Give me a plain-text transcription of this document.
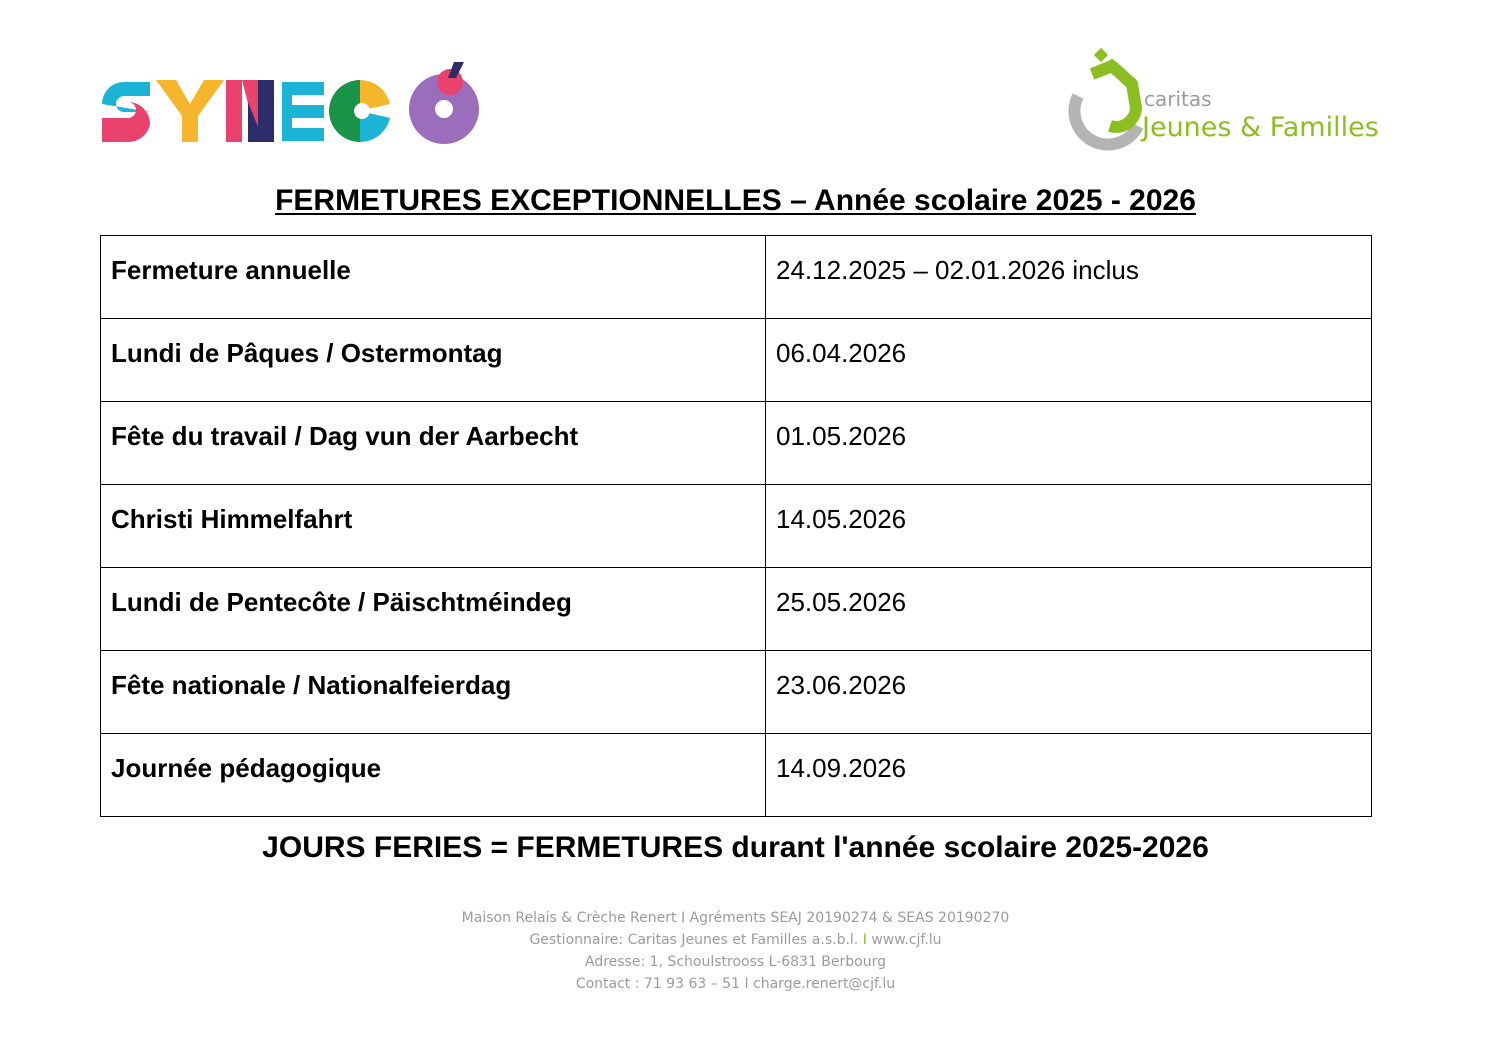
caritas
Jeunes & Familles
FERMETURES EXCEPTIONNELLES – Année scolaire 2025 - 2026
Fermeture annuelle	24.12.2025 – 02.01.2026 inclus
Lundi de Pâques / Ostermontag	06.04.2026
Fête du travail / Dag vun der Aarbecht	01.05.2026
Christi Himmelfahrt	14.05.2026
Lundi de Pentecôte / Päischtméindeg	25.05.2026
Fête nationale / Nationalfeierdag	23.06.2026
Journée pédagogique	14.09.2026
JOURS FERIES = FERMETURES durant l'année scolaire 2025-2026
Maison Relais & Crèche Renert I Agréments SEAJ 20190274 & SEAS 20190270
Gestionnaire: Caritas Jeunes et Familles a.s.b.l. I www.cjf.lu
Adresse: 1, Schoulstrooss L-6831 Berbourg
Contact : 71 93 63 – 51 I charge.renert@cjf.lu
